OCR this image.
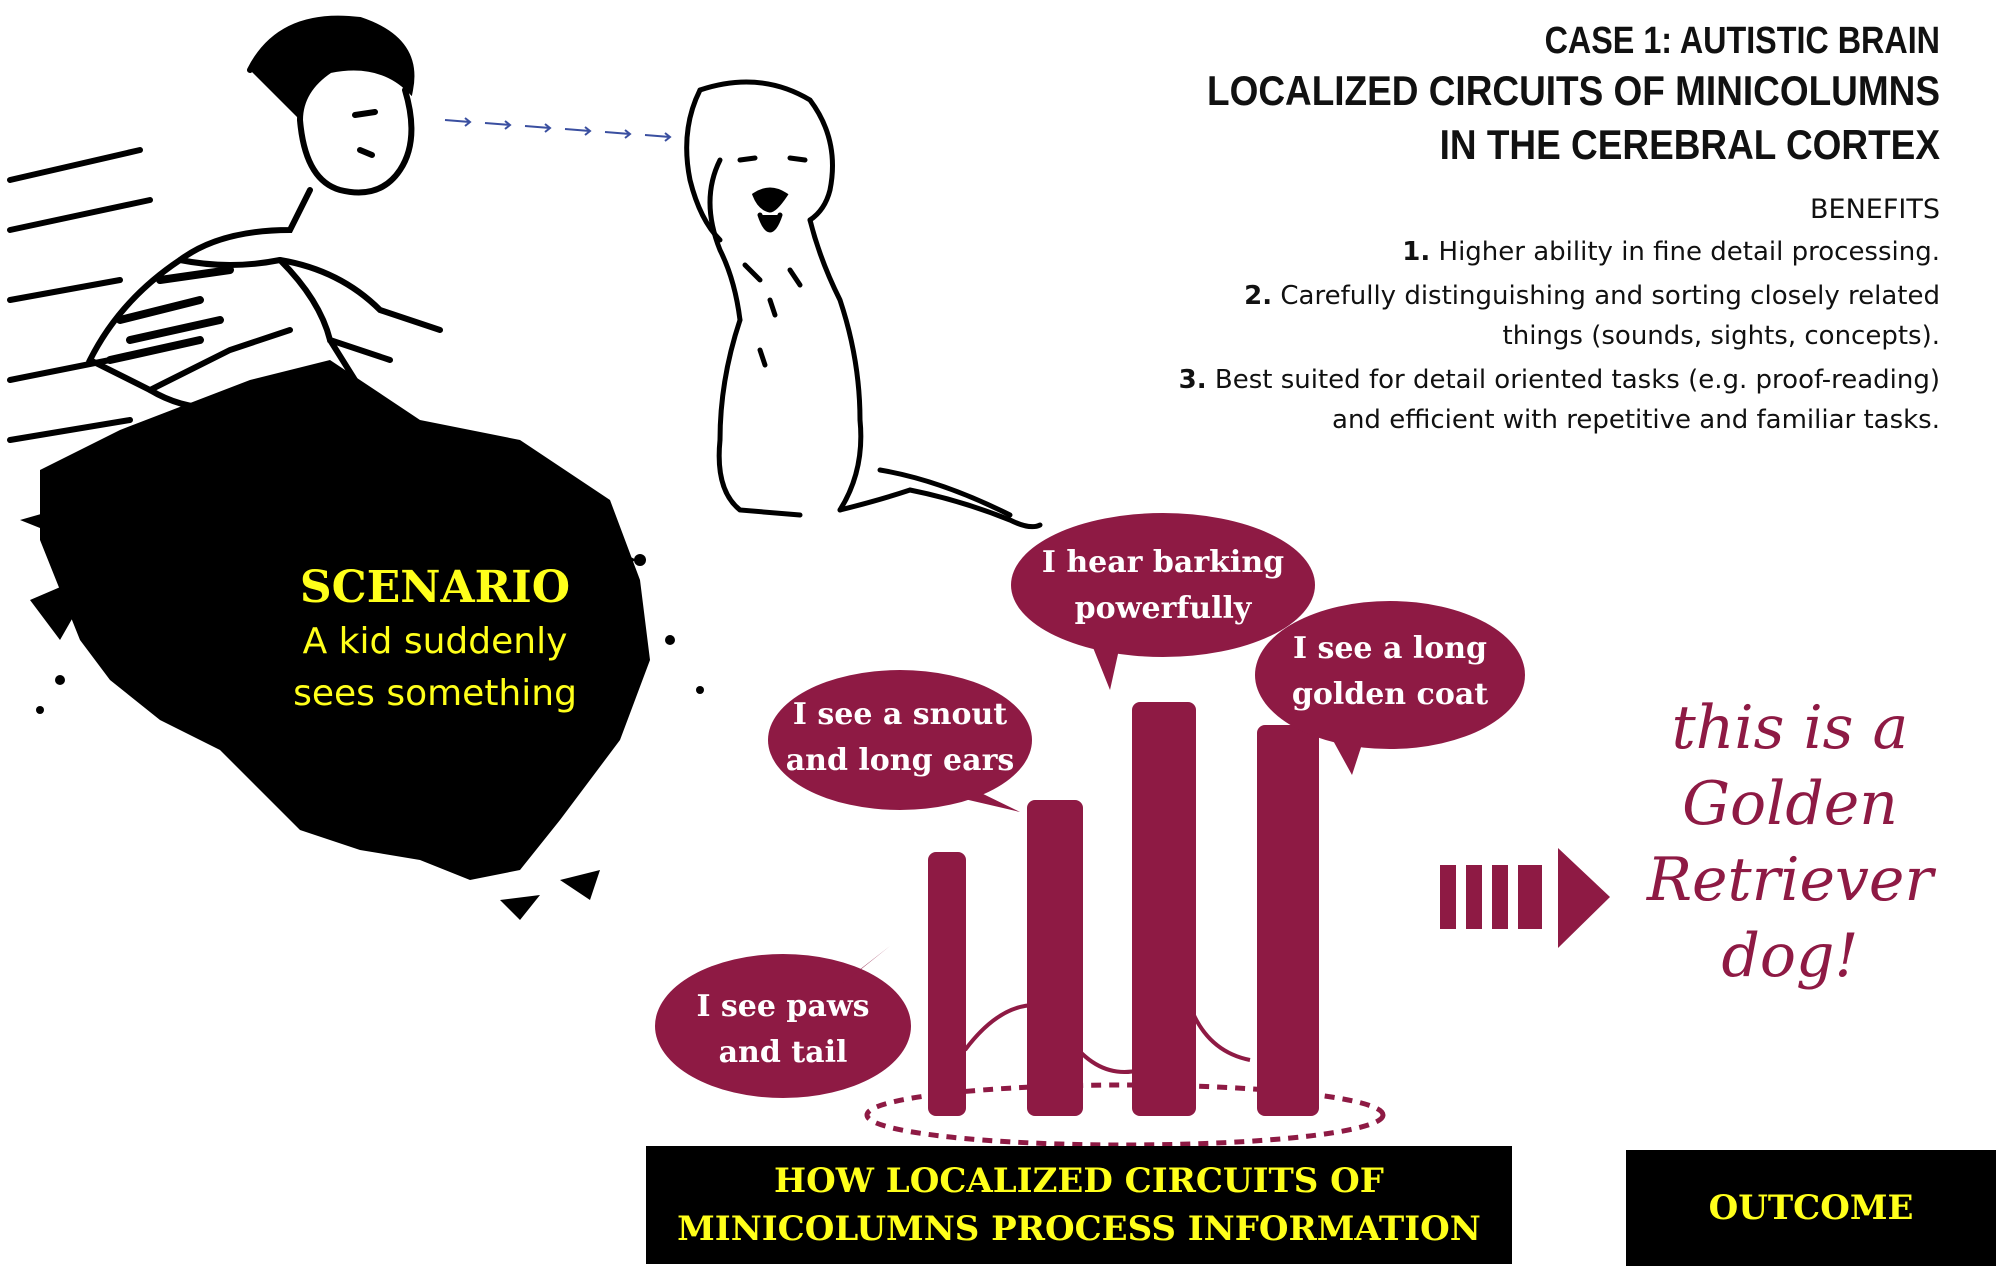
CASE 1: AUTISTIC BRAIN
LOCALIZED CIRCUITS OF MINICOLUMNS
IN THE CEREBRAL CORTEX
BENEFITS
1. Higher ability in fine detail processing.
2. Carefully distinguishing and sorting closely related
things (sounds, sights, concepts).
3. Best suited for detail oriented tasks (e.g. proof-reading)
and efficient with repetitive and familiar tasks.
I see paws
and tail
I see a snout
and long ears
I hear barking
powerfully
I see a long
golden coat
SCENARIO
A kid suddenly
sees something	this is a
Golden
Retriever
dog!
HOW LOCALIZED CIRCUITS OF
MINICOLUMNS PROCESS INFORMATION
OUTCOME
